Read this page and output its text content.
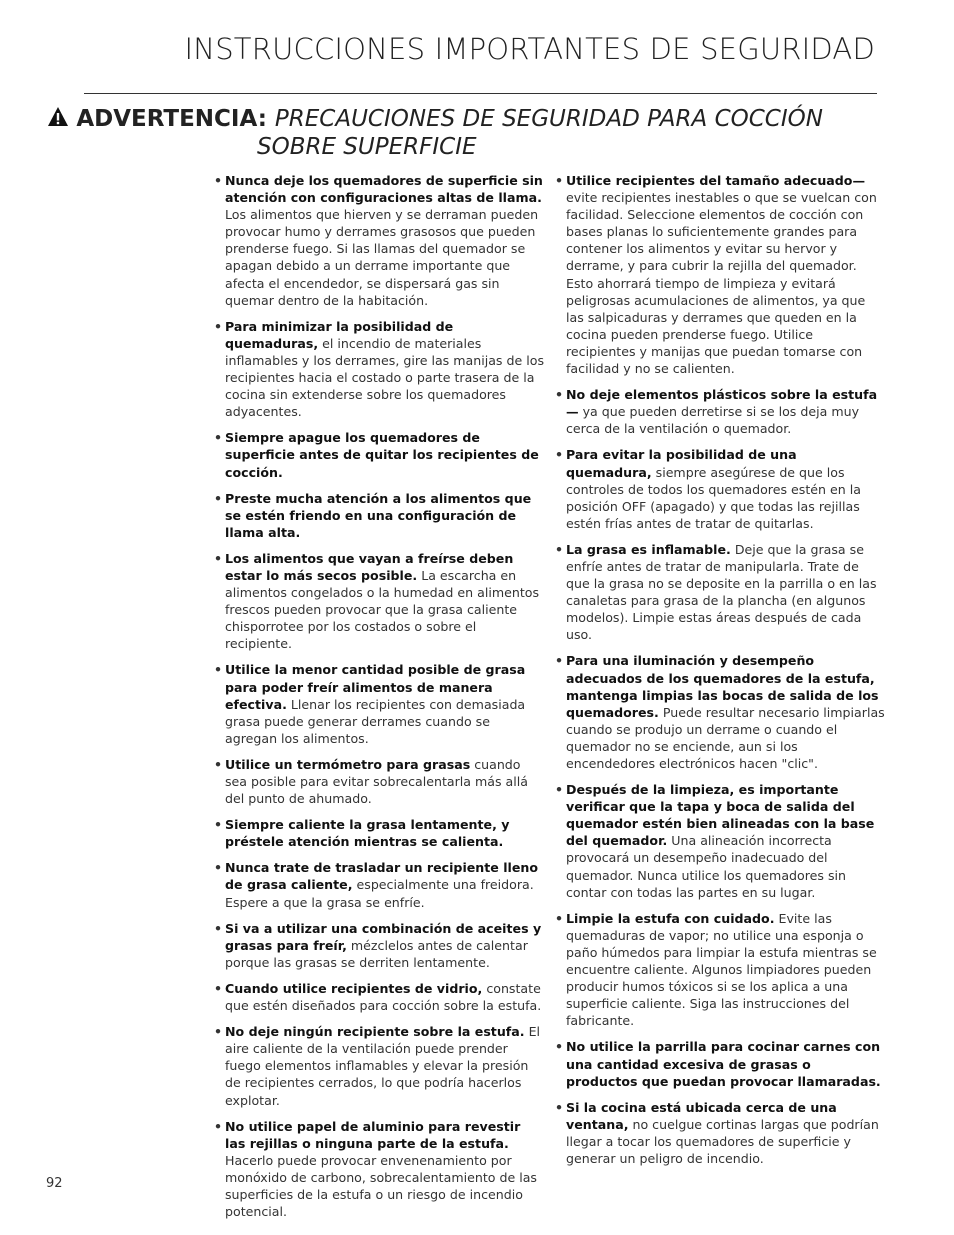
INSTRUCCIONES IMPORTANTES DE SEGURIDAD
ADVERTENCIA: PRECAUCIONES DE SEGURIDAD PARA COCCIÓN
SOBRE SUPERFICIE
• Nunca deje los quemadores de superficie sin atención con configuraciones altas de llama. Los alimentos que hierven y se derraman pueden provocar humo y derrames grasosos que pueden prenderse fuego. Si las llamas del quemador se apagan debido a un derrame importante que afecta el encendedor, se dispersará gas sin quemar dentro de la habitación.
• Para minimizar la posibilidad de quemaduras, el incendio de materiales inflamables y los derrames, gire las manijas de los recipientes hacia el costado o parte trasera de la cocina sin extenderse sobre los quemadores adyacentes.
• Siempre apague los quemadores de superficie antes de quitar los recipientes de cocción.
• Preste mucha atención a los alimentos que se estén friendo en una configuración de llama alta.
• Los alimentos que vayan a freírse deben estar lo más secos posible. La escarcha en alimentos congelados o la humedad en alimentos frescos pueden provocar que la grasa caliente chisporrotee por los costados o sobre el recipiente.
• Utilice la menor cantidad posible de grasa para poder freír alimentos de manera efectiva. Llenar los recipientes con demasiada grasa puede generar derrames cuando se agregan los alimentos.
• Utilice un termómetro para grasas cuando sea posible para evitar sobrecalentarla más allá del punto de ahumado.
• Siempre caliente la grasa lentamente, y préstele atención mientras se calienta.
• Nunca trate de trasladar un recipiente lleno de grasa caliente, especialmente una freidora. Espere a que la grasa se enfríe.
• Si va a utilizar una combinación de aceites y grasas para freír, mézclelos antes de calentar porque las grasas se derriten lentamente.
• Cuando utilice recipientes de vidrio, constate que estén diseñados para cocción sobre la estufa.
• No deje ningún recipiente sobre la estufa. El aire caliente de la ventilación puede prender fuego elementos inflamables y elevar la presión de recipientes cerrados, lo que podría hacerlos explotar.
• No utilice papel de aluminio para revestir las rejillas o ninguna parte de la estufa. Hacerlo puede provocar envenenamiento por monóxido de carbono, sobrecalentamiento de las superficies de la estufa o un riesgo de incendio potencial.
• Utilice recipientes del tamaño adecuado— evite recipientes inestables o que se vuelcan con facilidad. Seleccione elementos de cocción con bases planas lo suficientemente grandes para contener los alimentos y evitar su hervor y derrame, y para cubrir la rejilla del quemador. Esto ahorrará tiempo de limpieza y evitará peligrosas acumulaciones de alimentos, ya que las salpicaduras y derrames que queden en la cocina pueden prenderse fuego. Utilice recipientes y manijas que puedan tomarse con facilidad y no se calienten.
• No deje elementos plásticos sobre la estufa— ya que pueden derretirse si se los deja muy cerca de la ventilación o quemador.
• Para evitar la posibilidad de una quemadura, siempre asegúrese de que los controles de todos los quemadores estén en la posición OFF (apagado) y que todas las rejillas estén frías antes de tratar de quitarlas.
• La grasa es inflamable. Deje que la grasa se enfríe antes de tratar de manipularla. Trate de que la grasa no se deposite en la parrilla o en las canaletas para grasa de la plancha (en algunos modelos). Limpie estas áreas después de cada uso.
• Para una iluminación y desempeño adecuados de los quemadores de la estufa, mantenga limpias las bocas de salida de los quemadores. Puede resultar necesario limpiarlas cuando se produjo un derrame o cuando el quemador no se enciende, aun si los encendedores electrónicos hacen "clic".
• Después de la limpieza, es importante verificar que la tapa y boca de salida del quemador estén bien alineadas con la base del quemador. Una alineación incorrecta provocará un desempeño inadecuado del quemador. Nunca utilice los quemadores sin contar con todas las partes en su lugar.
• Limpie la estufa con cuidado. Evite las quemaduras de vapor; no utilice una esponja o paño húmedos para limpiar la estufa mientras se encuentre caliente. Algunos limpiadores pueden producir humos tóxicos si se los aplica a una superficie caliente. Siga las instrucciones del fabricante.
• No utilice la parrilla para cocinar carnes con una cantidad excesiva de grasas o productos que puedan provocar llamaradas.
• Si la cocina está ubicada cerca de una ventana, no cuelgue cortinas largas que podrían llegar a tocar los quemadores de superficie y generar un peligro de incendio.
92
